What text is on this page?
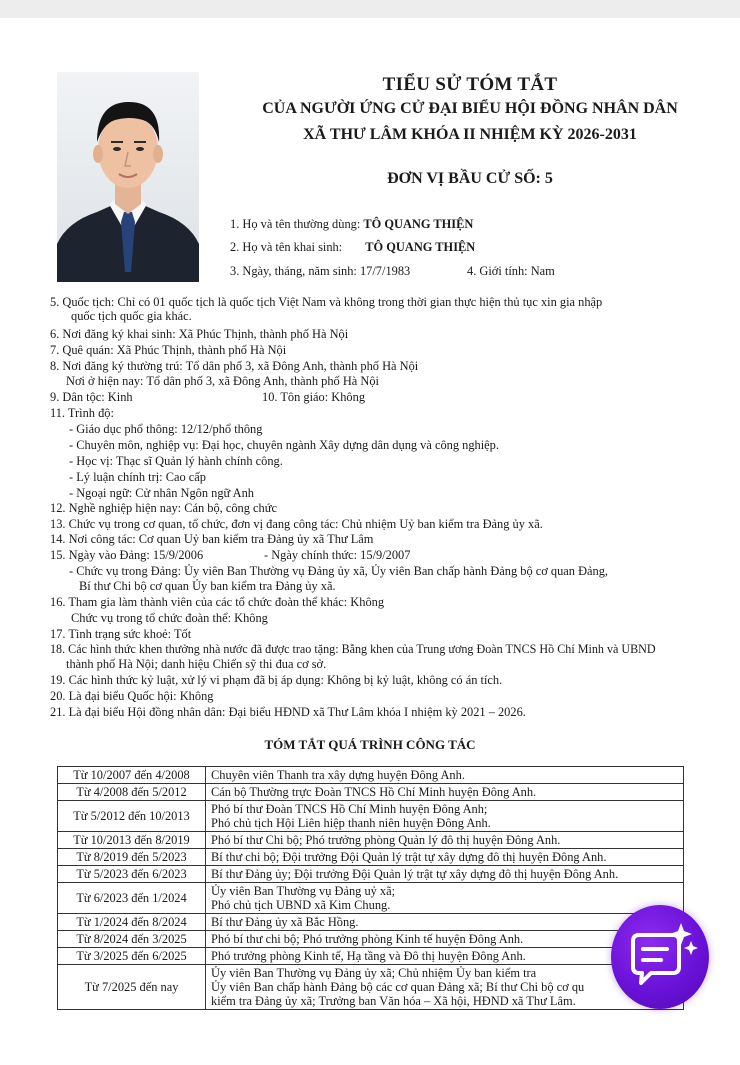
TIỂU SỬ TÓM TẮT
CỦA NGƯỜI ỨNG CỬ ĐẠI BIỂU HỘI ĐỒNG NHÂN DÂN
XÃ THƯ LÂM KHÓA II NHIỆM KỲ 2026-2031
ĐƠN VỊ BẦU CỬ SỐ: 5
1. Họ và tên thường dùng: TÔ QUANG THIỆN
2. Họ và tên khai sinh: TÔ QUANG THIỆN
3. Ngày, tháng, năm sinh: 17/7/1983	4. Giới tính: Nam
5. Quốc tịch: Chỉ có 01 quốc tịch là quốc tịch Việt Nam và không trong thời gian thực hiện thủ tục xin gia nhập
quốc tịch quốc gia khác.
6. Nơi đăng ký khai sinh: Xã Phúc Thịnh, thành phố Hà Nội
7. Quê quán: Xã Phúc Thịnh, thành phố Hà Nội
8. Nơi đăng ký thường trú: Tổ dân phố 3, xã Đông Anh, thành phố Hà Nội
Nơi ở hiện nay: Tổ dân phố 3, xã Đông Anh, thành phố Hà Nội
9. Dân tộc: Kinh	10. Tôn giáo: Không
11. Trình độ:
- Giáo dục phổ thông: 12/12/phổ thông
- Chuyên môn, nghiệp vụ: Đại học, chuyên ngành Xây dựng dân dụng và công nghiệp.
- Học vị: Thạc sĩ Quản lý hành chính công.
- Lý luận chính trị: Cao cấp
- Ngoại ngữ: Cử nhân Ngôn ngữ Anh
12. Nghề nghiệp hiện nay: Cán bộ, công chức
13. Chức vụ trong cơ quan, tổ chức, đơn vị đang công tác: Chủ nhiệm Uỷ ban kiểm tra Đảng ủy xã.
14. Nơi công tác: Cơ quan Uỷ ban kiểm tra Đảng ủy xã Thư Lâm
15. Ngày vào Đảng: 15/9/2006	- Ngày chính thức: 15/9/2007
- Chức vụ trong Đảng: Ủy viên Ban Thường vụ Đảng ủy xã, Ủy viên Ban chấp hành Đảng bộ cơ quan Đảng,
Bí thư Chi bộ cơ quan Ủy ban kiểm tra Đảng ủy xã.
16. Tham gia làm thành viên của các tổ chức đoàn thể khác: Không
Chức vụ trong tổ chức đoàn thể: Không
17. Tình trạng sức khoẻ: Tốt
18. Các hình thức khen thưởng nhà nước đã được trao tặng: Bằng khen của Trung ương Đoàn TNCS Hồ Chí Minh và UBND
thành phố Hà Nội; danh hiệu Chiến sỹ thi đua cơ sở.
19. Các hình thức kỷ luật, xử lý vi phạm đã bị áp dụng: Không bị kỷ luật, không có án tích.
20. Là đại biểu Quốc hội: Không
21. Là đại biểu Hội đồng nhân dân: Đại biểu HĐND xã Thư Lâm khóa I nhiệm kỳ 2021 – 2026.
TÓM TẮT QUÁ TRÌNH CÔNG TÁC
Từ 10/2007 đến 4/2008	Chuyên viên Thanh tra xây dựng huyện Đông Anh.

Từ 4/2008 đến 5/2012	Cán bộ Thường trực Đoàn TNCS Hồ Chí Minh huyện Đông Anh.

Từ 5/2012 đến 10/2013	Phó bí thư Đoàn TNCS Hồ Chí Minh huyện Đông Anh;
Phó chủ tịch Hội Liên hiệp thanh niên huyện Đông Anh.

Từ 10/2013 đến 8/2019	Phó bí thư Chi bộ; Phó trưởng phòng Quản lý đô thị huyện Đông Anh.

Từ 8/2019 đến 5/2023	Bí thư chi bộ; Đội trưởng Đội Quản lý trật tự xây dựng đô thị huyện Đông Anh.

Từ 5/2023 đến 6/2023	Bí thư Đảng ủy; Đội trưởng Đội Quản lý trật tự xây dựng đô thị huyện Đông Anh.

Từ 6/2023 đến 1/2024	Ủy viên Ban Thường vụ Đảng uỷ xã;
Phó chủ tịch UBND xã Kim Chung.

Từ 1/2024 đến 8/2024	Bí thư Đảng ủy xã Bắc Hồng.

Từ 8/2024 đến 3/2025	Phó bí thư chi bộ; Phó trưởng phòng Kinh tế huyện Đông Anh.

Từ 3/2025 đến 6/2025	Phó trưởng phòng Kinh tế, Hạ tầng và Đô thị huyện Đông Anh.

Từ 7/2025 đến nay	Ủy viên Ban Thường vụ Đảng ủy xã; Chủ nhiệm Ủy ban kiểm tra
Ủy viên Ban chấp hành Đảng bộ các cơ quan Đảng xã; Bí thư Chi bộ cơ qu
kiểm tra Đảng ủy xã; Trưởng ban Văn hóa – Xã hội, HĐND xã Thư Lâm.
